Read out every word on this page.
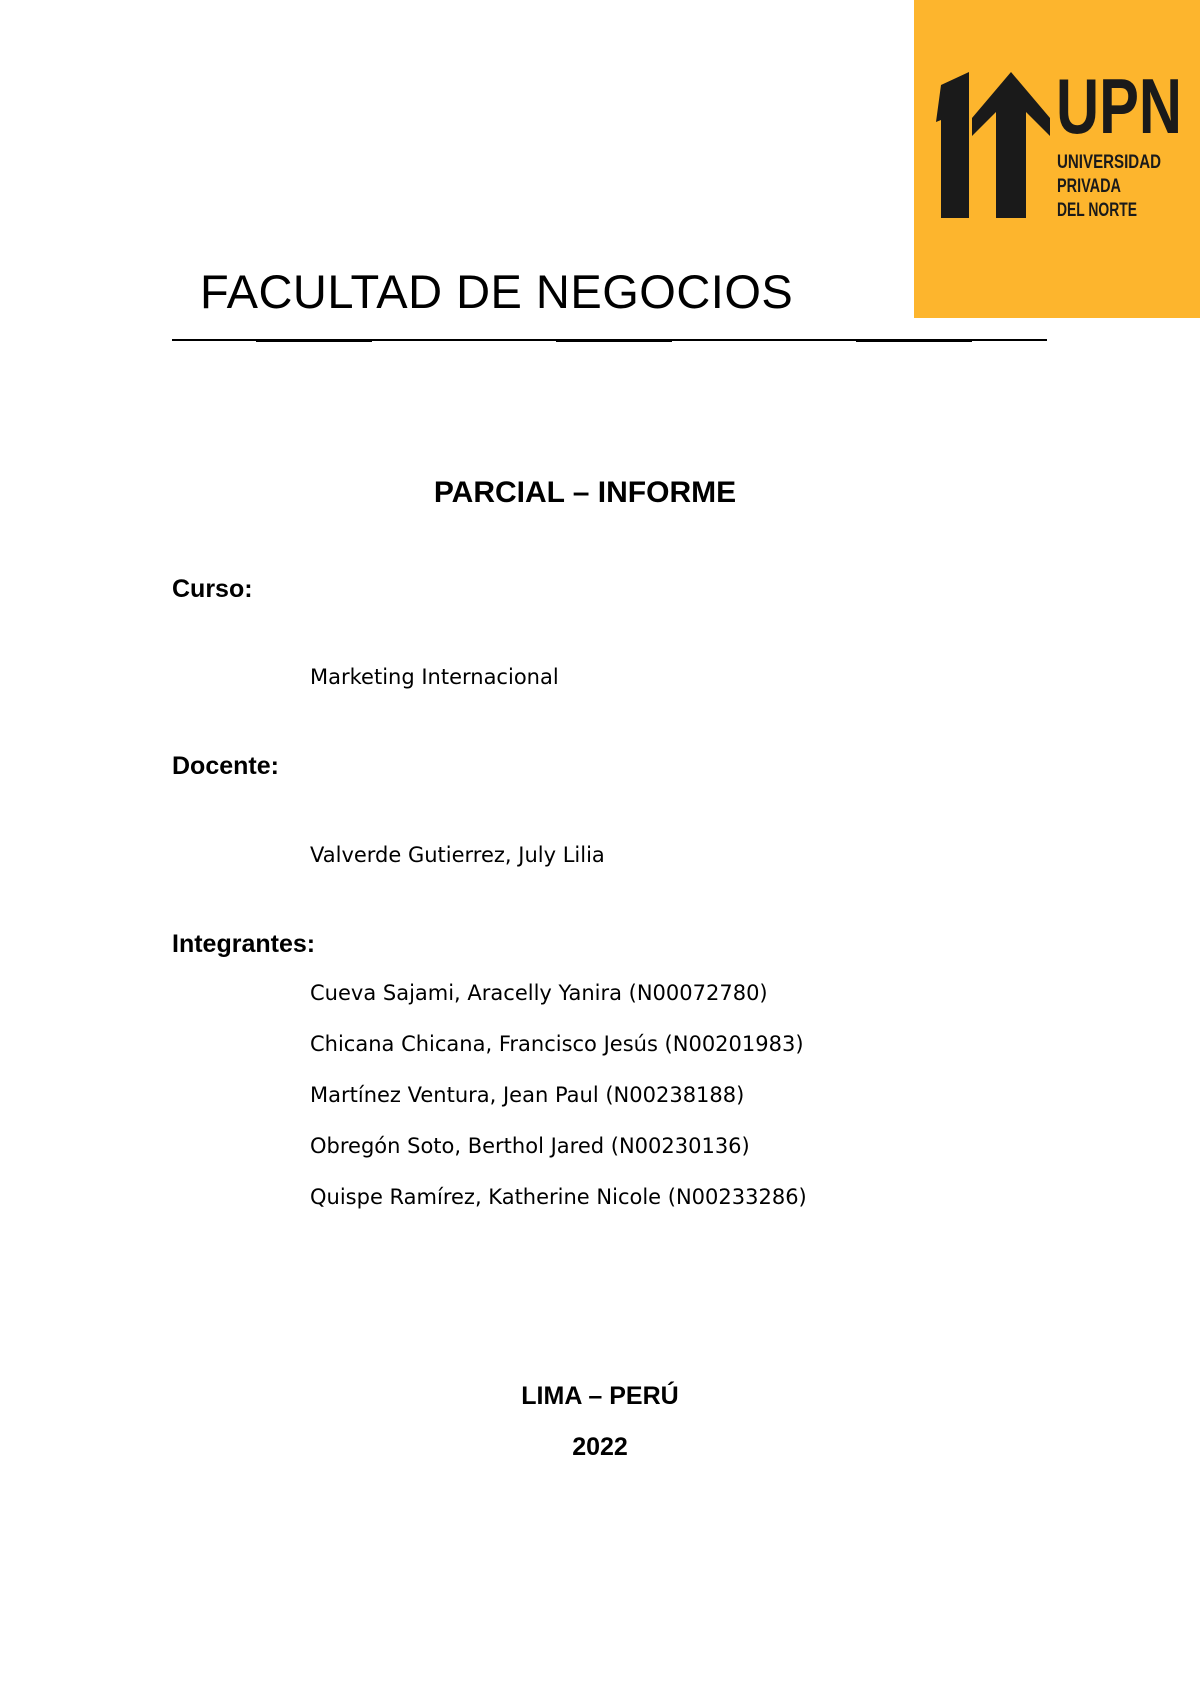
UPN
UNIVERSIDAD
PRIVADA
DEL NORTE
FACULTAD DE NEGOCIOS
PARCIAL – INFORME

Curso:

Marketing Internacional

Docente:

Valverde Gutierrez, July Lilia

Integrantes:

Cueva Sajami, Aracelly Yanira (N00072780)
Chicana Chicana, Francisco Jesús (N00201983)
Martínez Ventura, Jean Paul (N00238188)
Obregón Soto, Berthol Jared (N00230136)
Quispe Ramírez, Katherine Nicole (N00233286)

LIMA – PERÚ

2022
